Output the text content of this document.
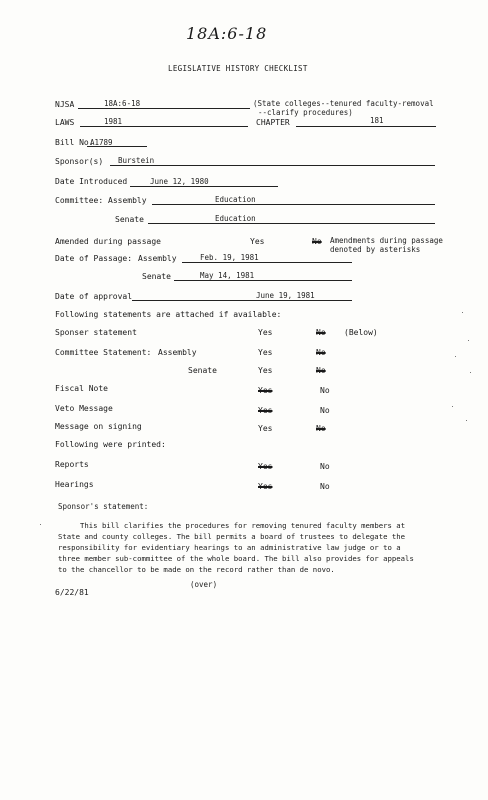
18A:6-18
LEGISLATIVE HISTORY CHECKLIST
NJSA	18A:6-18	(State colleges--tenured faculty-removal
--clarify procedures)
LAWS	1981	CHAPTER	181
Bill No.
A1789
Sponsor(s) Burstein
Date Introduced	June 12, 1980
Committee: Assembly	Education
Senate	Education
Amended during passage	Yes	No Amendments during passage
denoted by asterisks
Date of Passage: Assembly	Feb. 19, 1981
Senate	May 14, 1981
Date of approval	June 19, 1981
Following statements are attached if available:
Sponser statement	Yes	No (Below)
Committee Statement: Assembly	Yes	No
Senate	Yes	No
Fiscal Note	Yes	No
Veto Message	Yes	No
Message on signing	Yes	No
Following were printed:
Reports	Yes	No
Hearings	Yes	No
Sponsor's statement:
This bill clarifies the procedures for removing tenured faculty members at
State and county colleges. The bill permits a board of trustees to delegate the
responsibility for evidentiary hearings to an administrative law judge or to a
three member sub-committee of the whole board. The bill also provides for appeals
to the chancellor to be made on the record rather than de novo.
(over)
6/22/81
